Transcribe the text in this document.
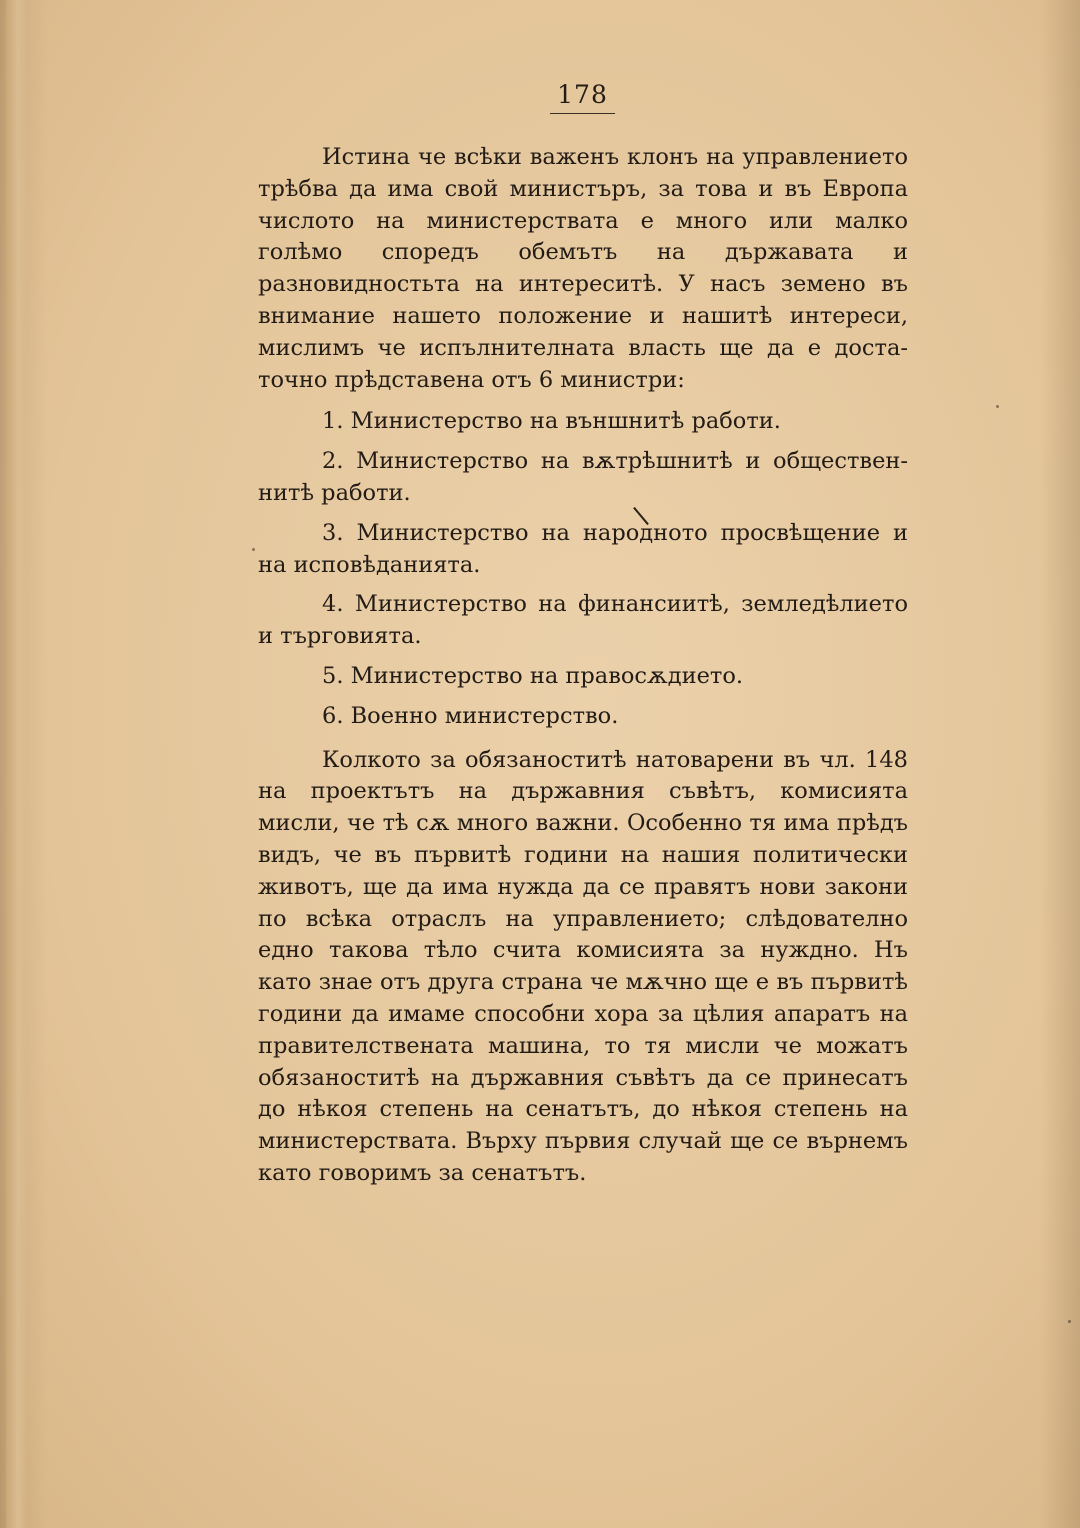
178

Истина че всѣки важенъ клонъ на управлението трѣбва да има свой министъръ, за това и въ Европа числото на министерствата е много или малко голѣмо споредъ обемътъ на държавата и разновидностьта на интереситѣ. У насъ земено въ внимание нашето положение и нашитѣ интереси, мислимъ че испълнителната власть ще да е достаточно прѣдставена отъ 6 министри:

1. Министерство на външнитѣ работи.

2. Министерство на вѫтрѣшнитѣ и общественнитѣ работи.

3. Министерство на народното просвѣщение и на исповѣданията.

4. Министерство на финансиитѣ, земледѣлието и търговията.

5. Министерство на правосѫдието.

6. Военно министерство.

Колкото за обязаноститѣ натоварени въ чл. 148 на проектътъ на държавния съвѣтъ, комисията мисли, че тѣ сѫ много важни. Особенно тя има прѣдъ видъ, че въ първитѣ години на нашия политически животъ, ще да има нужда да се правятъ нови закони по всѣка отраслъ на управлението; слѣдователно едно такова тѣло счита комисията за нуждно. Нъ като знае отъ друга страна че мѫчно ще е въ първитѣ години да имаме способни хора за цѣлия апаратъ на правителствената машина, то тя мисли че можатъ обязаноститѣ на държавния съвѣтъ да се принесатъ до нѣкоя степень на сенатътъ, до нѣкоя степень на министерствата. Върху първия случай ще се върнемъ като говоримъ за сенатътъ.
